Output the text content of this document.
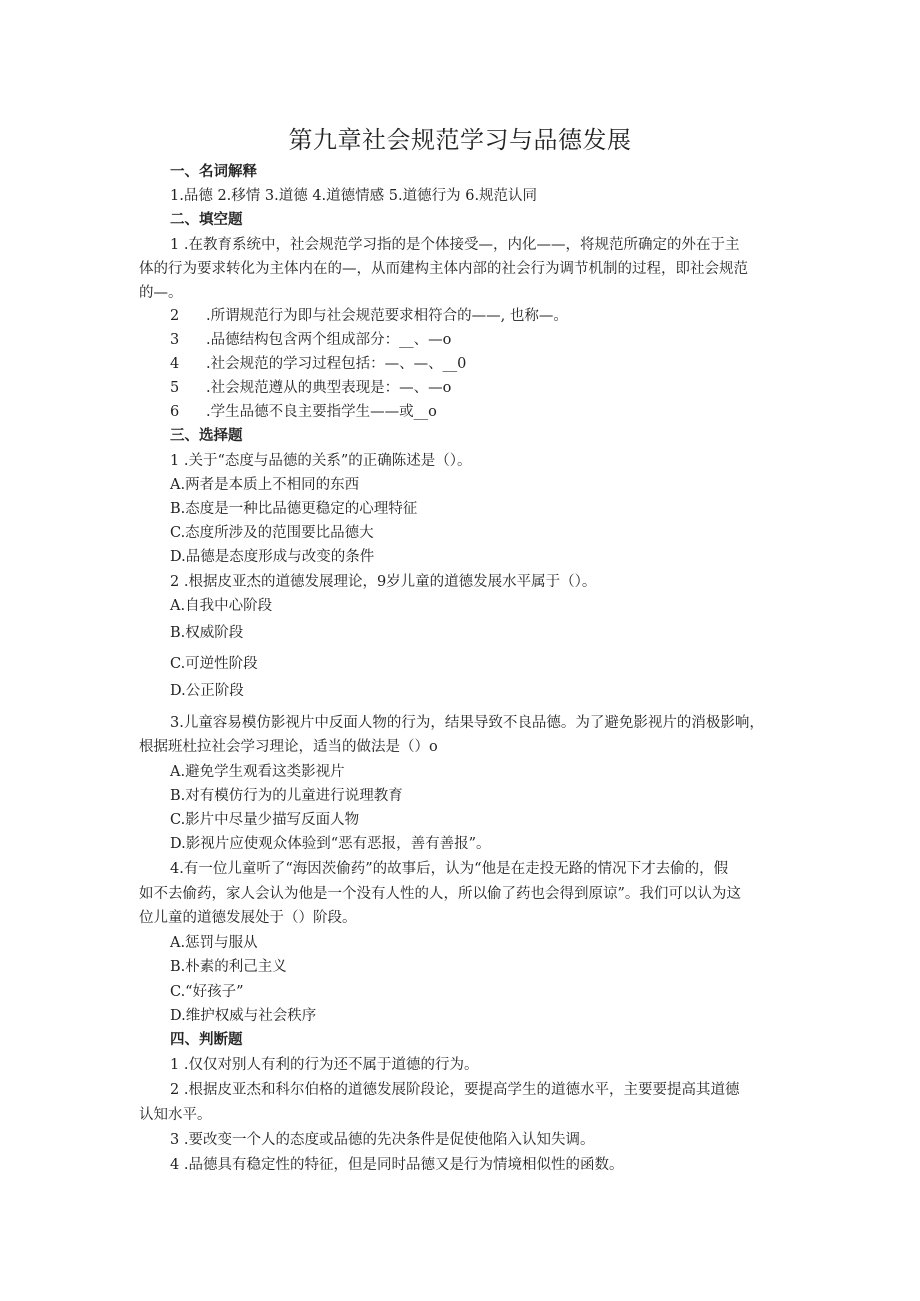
第九章社会规范学习与品德发展

一、名词解释

1.品德 2.移情 3.道德 4.道德情感 5.道德行为 6.规范认同

二、填空题

1 .在教育系统中，社会规范学习指的是个体接受—，内化——，将规范所确定的外在于主

体的行为要求转化为主体内在的—，从而建构主体内部的社会行为调节机制的过程，即社会规范

的—。

2 .所谓规范行为即与社会规范要求相符合的——, 也称—。

3 .品德结构包含两个组成部分：__、—o

4 .社会规范的学习过程包括：—、—、__0

5 .社会规范遵从的典型表现是：—、—o

6 .学生品德不良主要指学生——或__o

三、选择题

1 .关于“态度与品德的关系”的正确陈述是（）。

A.两者是本质上不相同的东西

B.态度是一种比品德更稳定的心理特征

C.态度所涉及的范围要比品德大

D.品德是态度形成与改变的条件

2 .根据皮亚杰的道德发展理论，9岁儿童的道德发展水平属于（）。

A.自我中心阶段

B.权威阶段

C.可逆性阶段

D.公正阶段

3.儿童容易模仿影视片中反面人物的行为，结果导致不良品德。为了避免影视片的消极影响，

根据班杜拉社会学习理论，适当的做法是（）o

A.避免学生观看这类影视片

B.对有模仿行为的儿童进行说理教育

C.影片中尽量少描写反面人物

D.影视片应使观众体验到“恶有恶报，善有善报”。

4.有一位儿童听了“海因茨偷药”的故事后，认为“他是在走投无路的情况下才去偷的，假

如不去偷药，家人会认为他是一个没有人性的人，所以偷了药也会得到原谅”。我们可以认为这

位儿童的道德发展处于（）阶段。

A.惩罚与服从

B.朴素的利己主义

C.“好孩子”

D.维护权威与社会秩序

四、判断题

1 .仅仅对别人有利的行为还不属于道德的行为。

2 .根据皮亚杰和科尔伯格的道德发展阶段论，要提高学生的道德水平，主要要提高其道德

认知水平。

3 .要改变一个人的态度或品德的先决条件是促使他陷入认知失调。

4 .品德具有稳定性的特征，但是同时品德又是行为情境相似性的函数。
